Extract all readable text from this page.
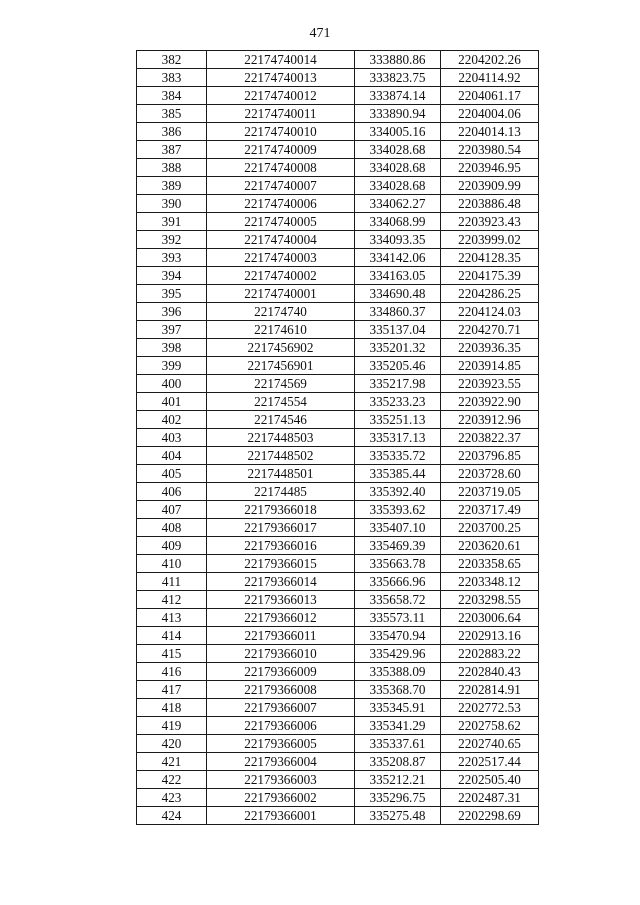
471
382	22174740014	333880.86	2204202.26
383	22174740013	333823.75	2204114.92
384	22174740012	333874.14	2204061.17
385	22174740011	333890.94	2204004.06
386	22174740010	334005.16	2204014.13
387	22174740009	334028.68	2203980.54
388	22174740008	334028.68	2203946.95
389	22174740007	334028.68	2203909.99
390	22174740006	334062.27	2203886.48
391	22174740005	334068.99	2203923.43
392	22174740004	334093.35	2203999.02
393	22174740003	334142.06	2204128.35
394	22174740002	334163.05	2204175.39
395	22174740001	334690.48	2204286.25
396	22174740	334860.37	2204124.03
397	22174610	335137.04	2204270.71
398	2217456902	335201.32	2203936.35
399	2217456901	335205.46	2203914.85
400	22174569	335217.98	2203923.55
401	22174554	335233.23	2203922.90
402	22174546	335251.13	2203912.96
403	2217448503	335317.13	2203822.37
404	2217448502	335335.72	2203796.85
405	2217448501	335385.44	2203728.60
406	22174485	335392.40	2203719.05
407	22179366018	335393.62	2203717.49
408	22179366017	335407.10	2203700.25
409	22179366016	335469.39	2203620.61
410	22179366015	335663.78	2203358.65
411	22179366014	335666.96	2203348.12
412	22179366013	335658.72	2203298.55
413	22179366012	335573.11	2203006.64
414	22179366011	335470.94	2202913.16
415	22179366010	335429.96	2202883.22
416	22179366009	335388.09	2202840.43
417	22179366008	335368.70	2202814.91
418	22179366007	335345.91	2202772.53
419	22179366006	335341.29	2202758.62
420	22179366005	335337.61	2202740.65
421	22179366004	335208.87	2202517.44
422	22179366003	335212.21	2202505.40
423	22179366002	335296.75	2202487.31
424	22179366001	335275.48	2202298.69
